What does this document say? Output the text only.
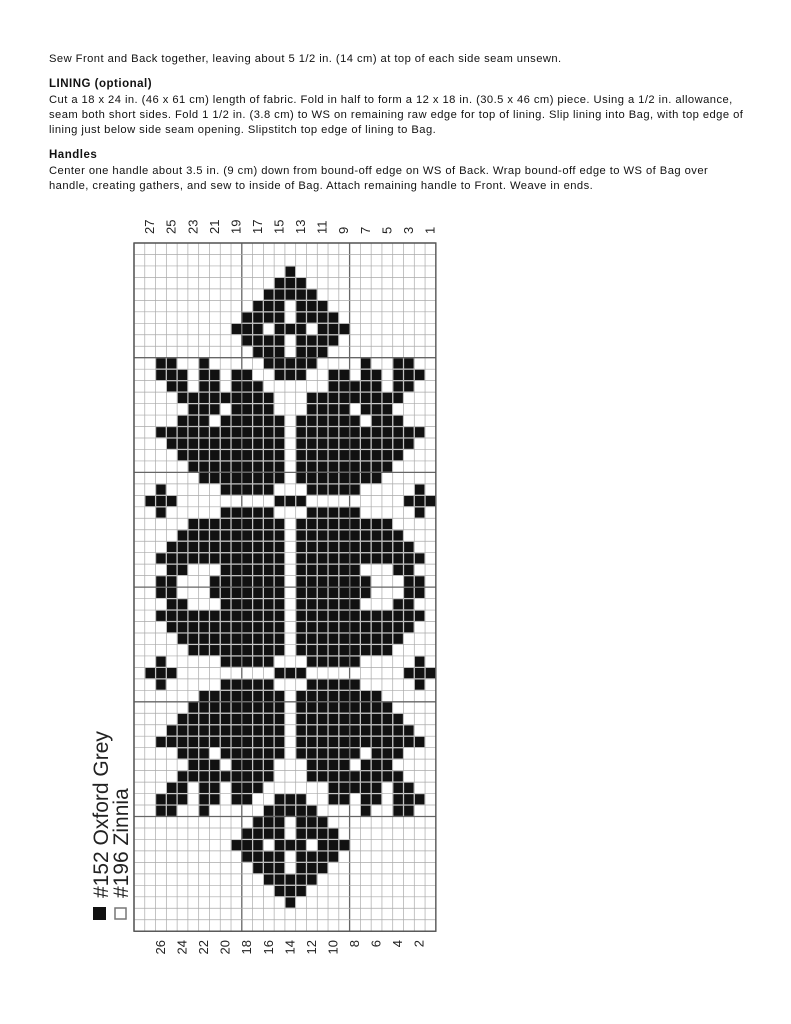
Sew Front and Back together, leaving about 5 1/2 in. (14 cm) at top of each side seam unsewn.

LINING (optional)

Cut a 18 x 24 in. (46 x 61 cm) length of fabric. Fold in half to form a 12 x 18 in. (30.5 x 46 cm) piece. Using a 1/2 in. allowance, seam both short sides. Fold 1 1/2 in. (3.8 cm) to WS on remaining raw edge for top of lining. Slip lining into Bag, with top edge of lining just below side seam opening. Slipstitch top edge of lining to Bag.

Handles

Center one handle about 3.5 in. (9 cm) down from bound-off edge on WS of Back. Wrap bound-off edge to WS of Bag over handle, creating gathers, and sew to inside of Bag. Attach remaining handle to Front. Weave in ends.

27 25 23 21 19 17 15 13 11 9 7 5 3 1
26 24 22 20 18 16 14 12 10 8 6 4 2
#152 Oxford Grey
#196 Zinnia
